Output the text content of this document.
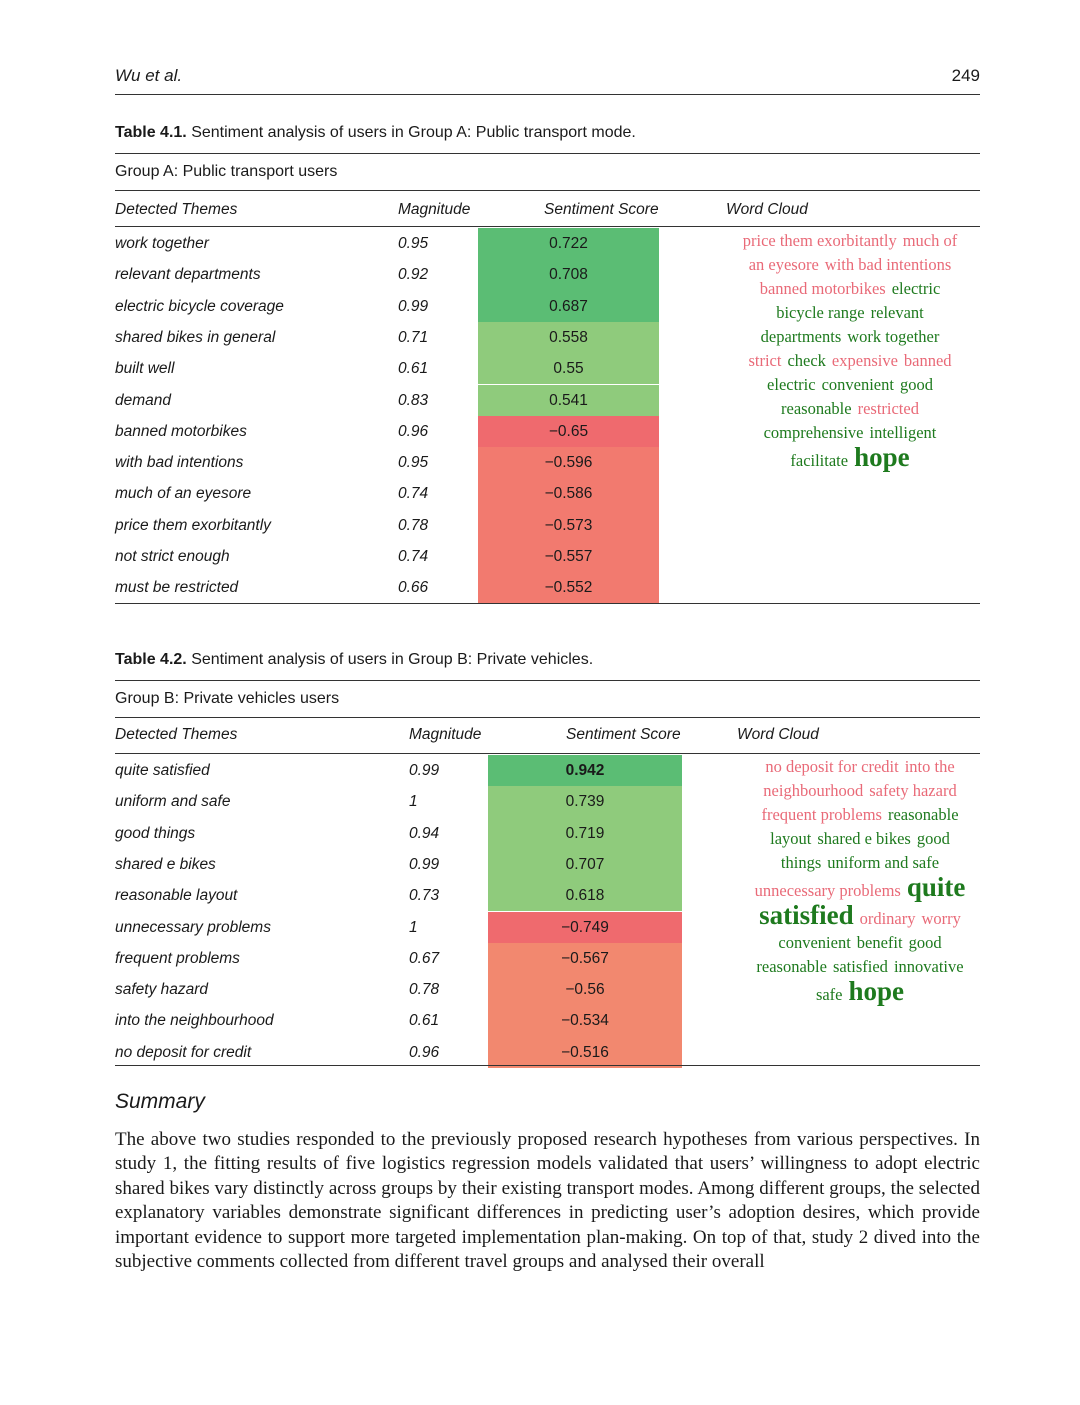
Wu et al.	249
Table 4.1. Sentiment analysis of users in Group A: Public transport mode.
Group A: Public transport users
Detected Themes	Magnitude	Sentiment Score	Word Cloud
work together	0.95	0.722
relevant departments	0.92	0.708
electric bicycle coverage	0.99	0.687
shared bikes in general	0.71	0.558
built well	0.61	0.55
demand	0.83	0.541
banned motorbikes	0.96	−0.65
with bad intentions	0.95	−0.596
much of an eyesore	0.74	−0.586
price them exorbitantly	0.78	−0.573
not strict enough	0.74	−0.557
must be restricted	0.66	−0.552
price them exorbitantly much of
an eyesore with bad intentions
banned motorbikes electric
bicycle range relevant
departments work together
strict check expensive banned
electric convenient good
reasonable restricted
comprehensive intelligent
facilitate hope
Table 4.2. Sentiment analysis of users in Group B: Private vehicles.
Group B: Private vehicles users
Detected Themes	Magnitude	Sentiment Score	Word Cloud
quite satisfied	0.99	0.942
uniform and safe	1	0.739
good things	0.94	0.719
shared e bikes	0.99	0.707
reasonable layout	0.73	0.618
unnecessary problems	1	−0.749
frequent problems	0.67	−0.567
safety hazard	0.78	−0.56
into the neighbourhood	0.61	−0.534
no deposit for credit	0.96	−0.516
no deposit for credit into the
neighbourhood safety hazard
frequent problems reasonable
layout shared e bikes good
things uniform and safe
unnecessary problems quite
satisfied ordinary worry
convenient benefit good
reasonable satisfied innovative
safe hope
Summary
The above two studies responded to the previously proposed research hypotheses from various perspectives. In study 1, the fitting results of five logistics regression models validated that users’ willingness to adopt electric shared bikes vary distinctly across groups by their existing transport modes. Among different groups, the selected explanatory variables demonstrate significant differences in predicting user’s adoption desires, which provide important evidence to support more targeted implementation plan-making. On top of that, study 2 dived into the subjective comments collected from different travel groups and analysed their overall
